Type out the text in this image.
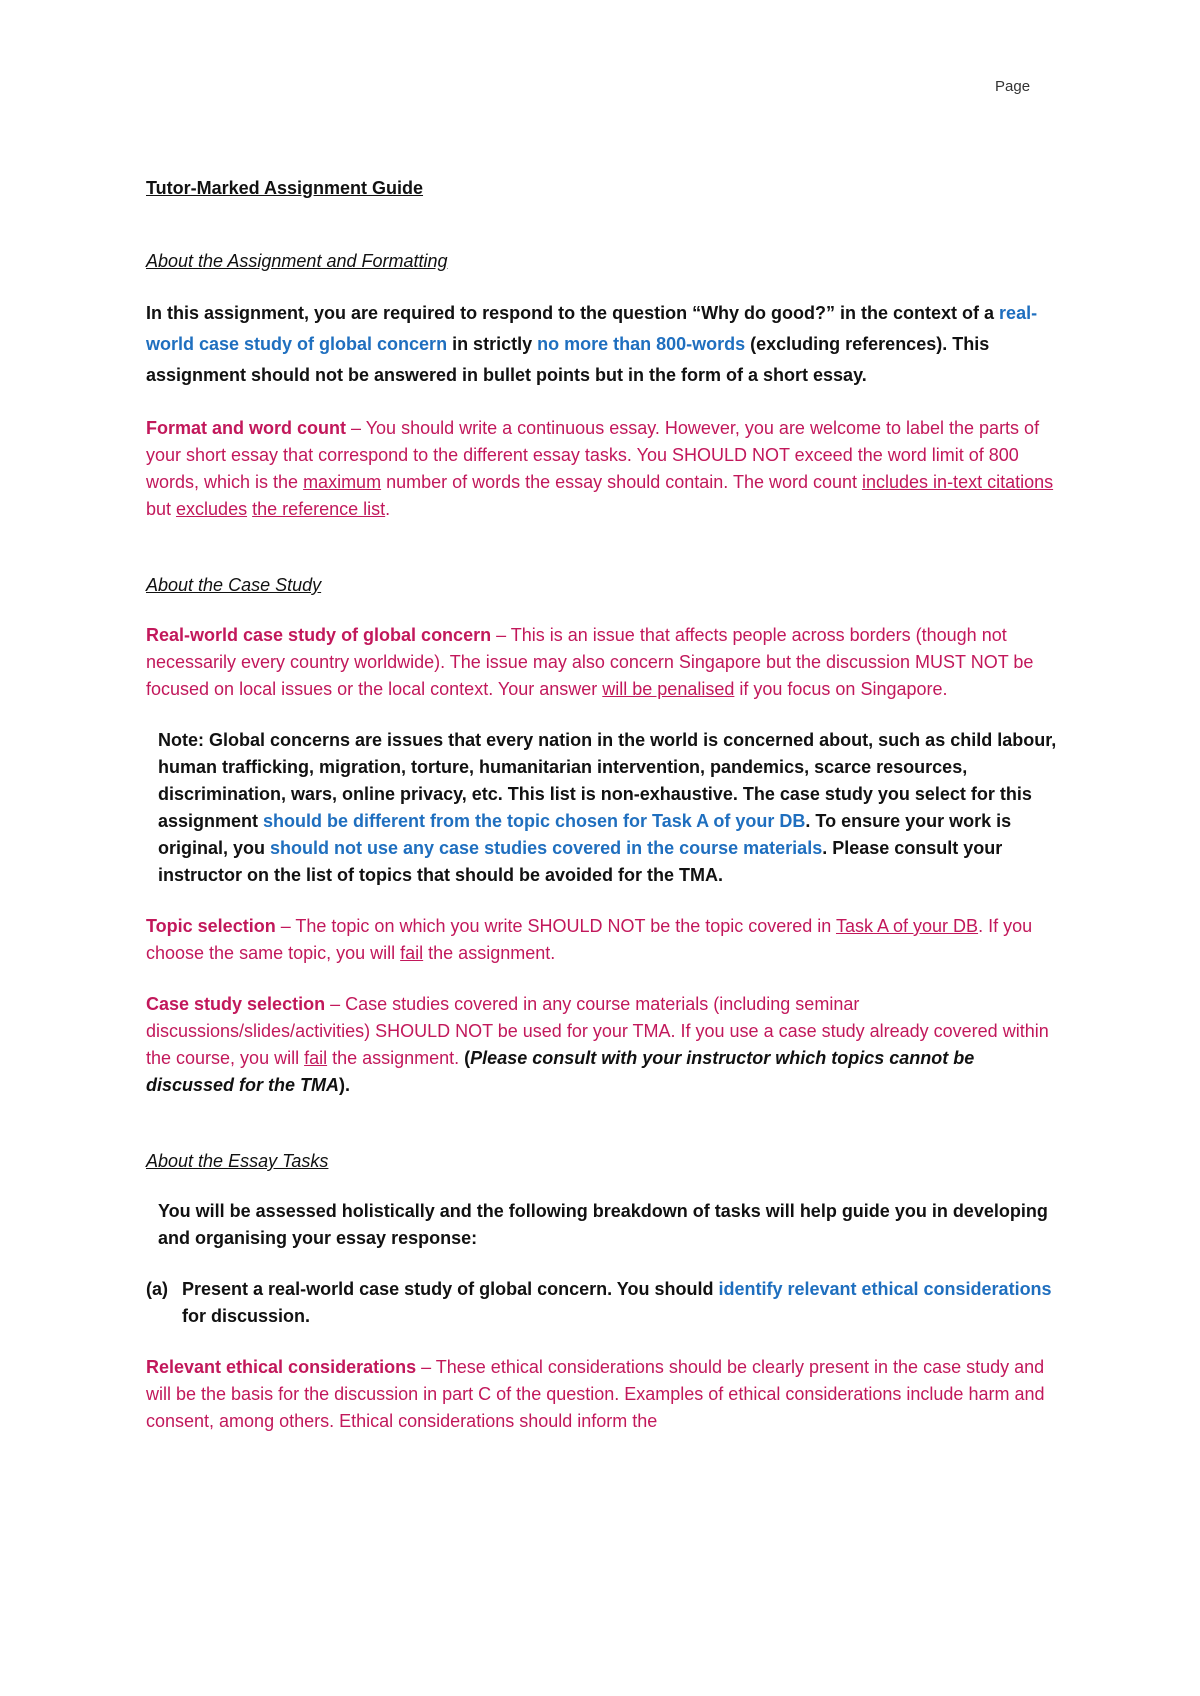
Page

Tutor-Marked Assignment Guide

About the Assignment and Formatting

In this assignment, you are required to respond to the question “Why do good?” in the context of a real-world case study of global concern in strictly no more than 800-words (excluding references). This assignment should not be answered in bullet points but in the form of a short essay.

Format and word count – You should write a continuous essay. However, you are welcome to label the parts of your short essay that correspond to the different essay tasks. You SHOULD NOT exceed the word limit of 800 words, which is the maximum number of words the essay should contain. The word count includes in-text citations but excludes the reference list.

About the Case Study

Real-world case study of global concern – This is an issue that affects people across borders (though not necessarily every country worldwide). The issue may also concern Singapore but the discussion MUST NOT be focused on local issues or the local context. Your answer will be penalised if you focus on Singapore.

Note: Global concerns are issues that every nation in the world is concerned about, such as child labour, human trafficking, migration, torture, humanitarian intervention, pandemics, scarce resources, discrimination, wars, online privacy, etc. This list is non-exhaustive. The case study you select for this assignment should be different from the topic chosen for Task A of your DB. To ensure your work is original, you should not use any case studies covered in the course materials. Please consult your instructor on the list of topics that should be avoided for the TMA.

Topic selection – The topic on which you write SHOULD NOT be the topic covered in Task A of your DB. If you choose the same topic, you will fail the assignment.

Case study selection – Case studies covered in any course materials (including seminar discussions/slides/activities) SHOULD NOT be used for your TMA. If you use a case study already covered within the course, you will fail the assignment. (Please consult with your instructor which topics cannot be discussed for the TMA).

About the Essay Tasks

You will be assessed holistically and the following breakdown of tasks will help guide you in developing and organising your essay response:

(a) Present a real-world case study of global concern. You should identify relevant ethical considerations for discussion.

Relevant ethical considerations – These ethical considerations should be clearly present in the case study and will be the basis for the discussion in part C of the question. Examples of ethical considerations include harm and consent, among others. Ethical considerations should inform the
